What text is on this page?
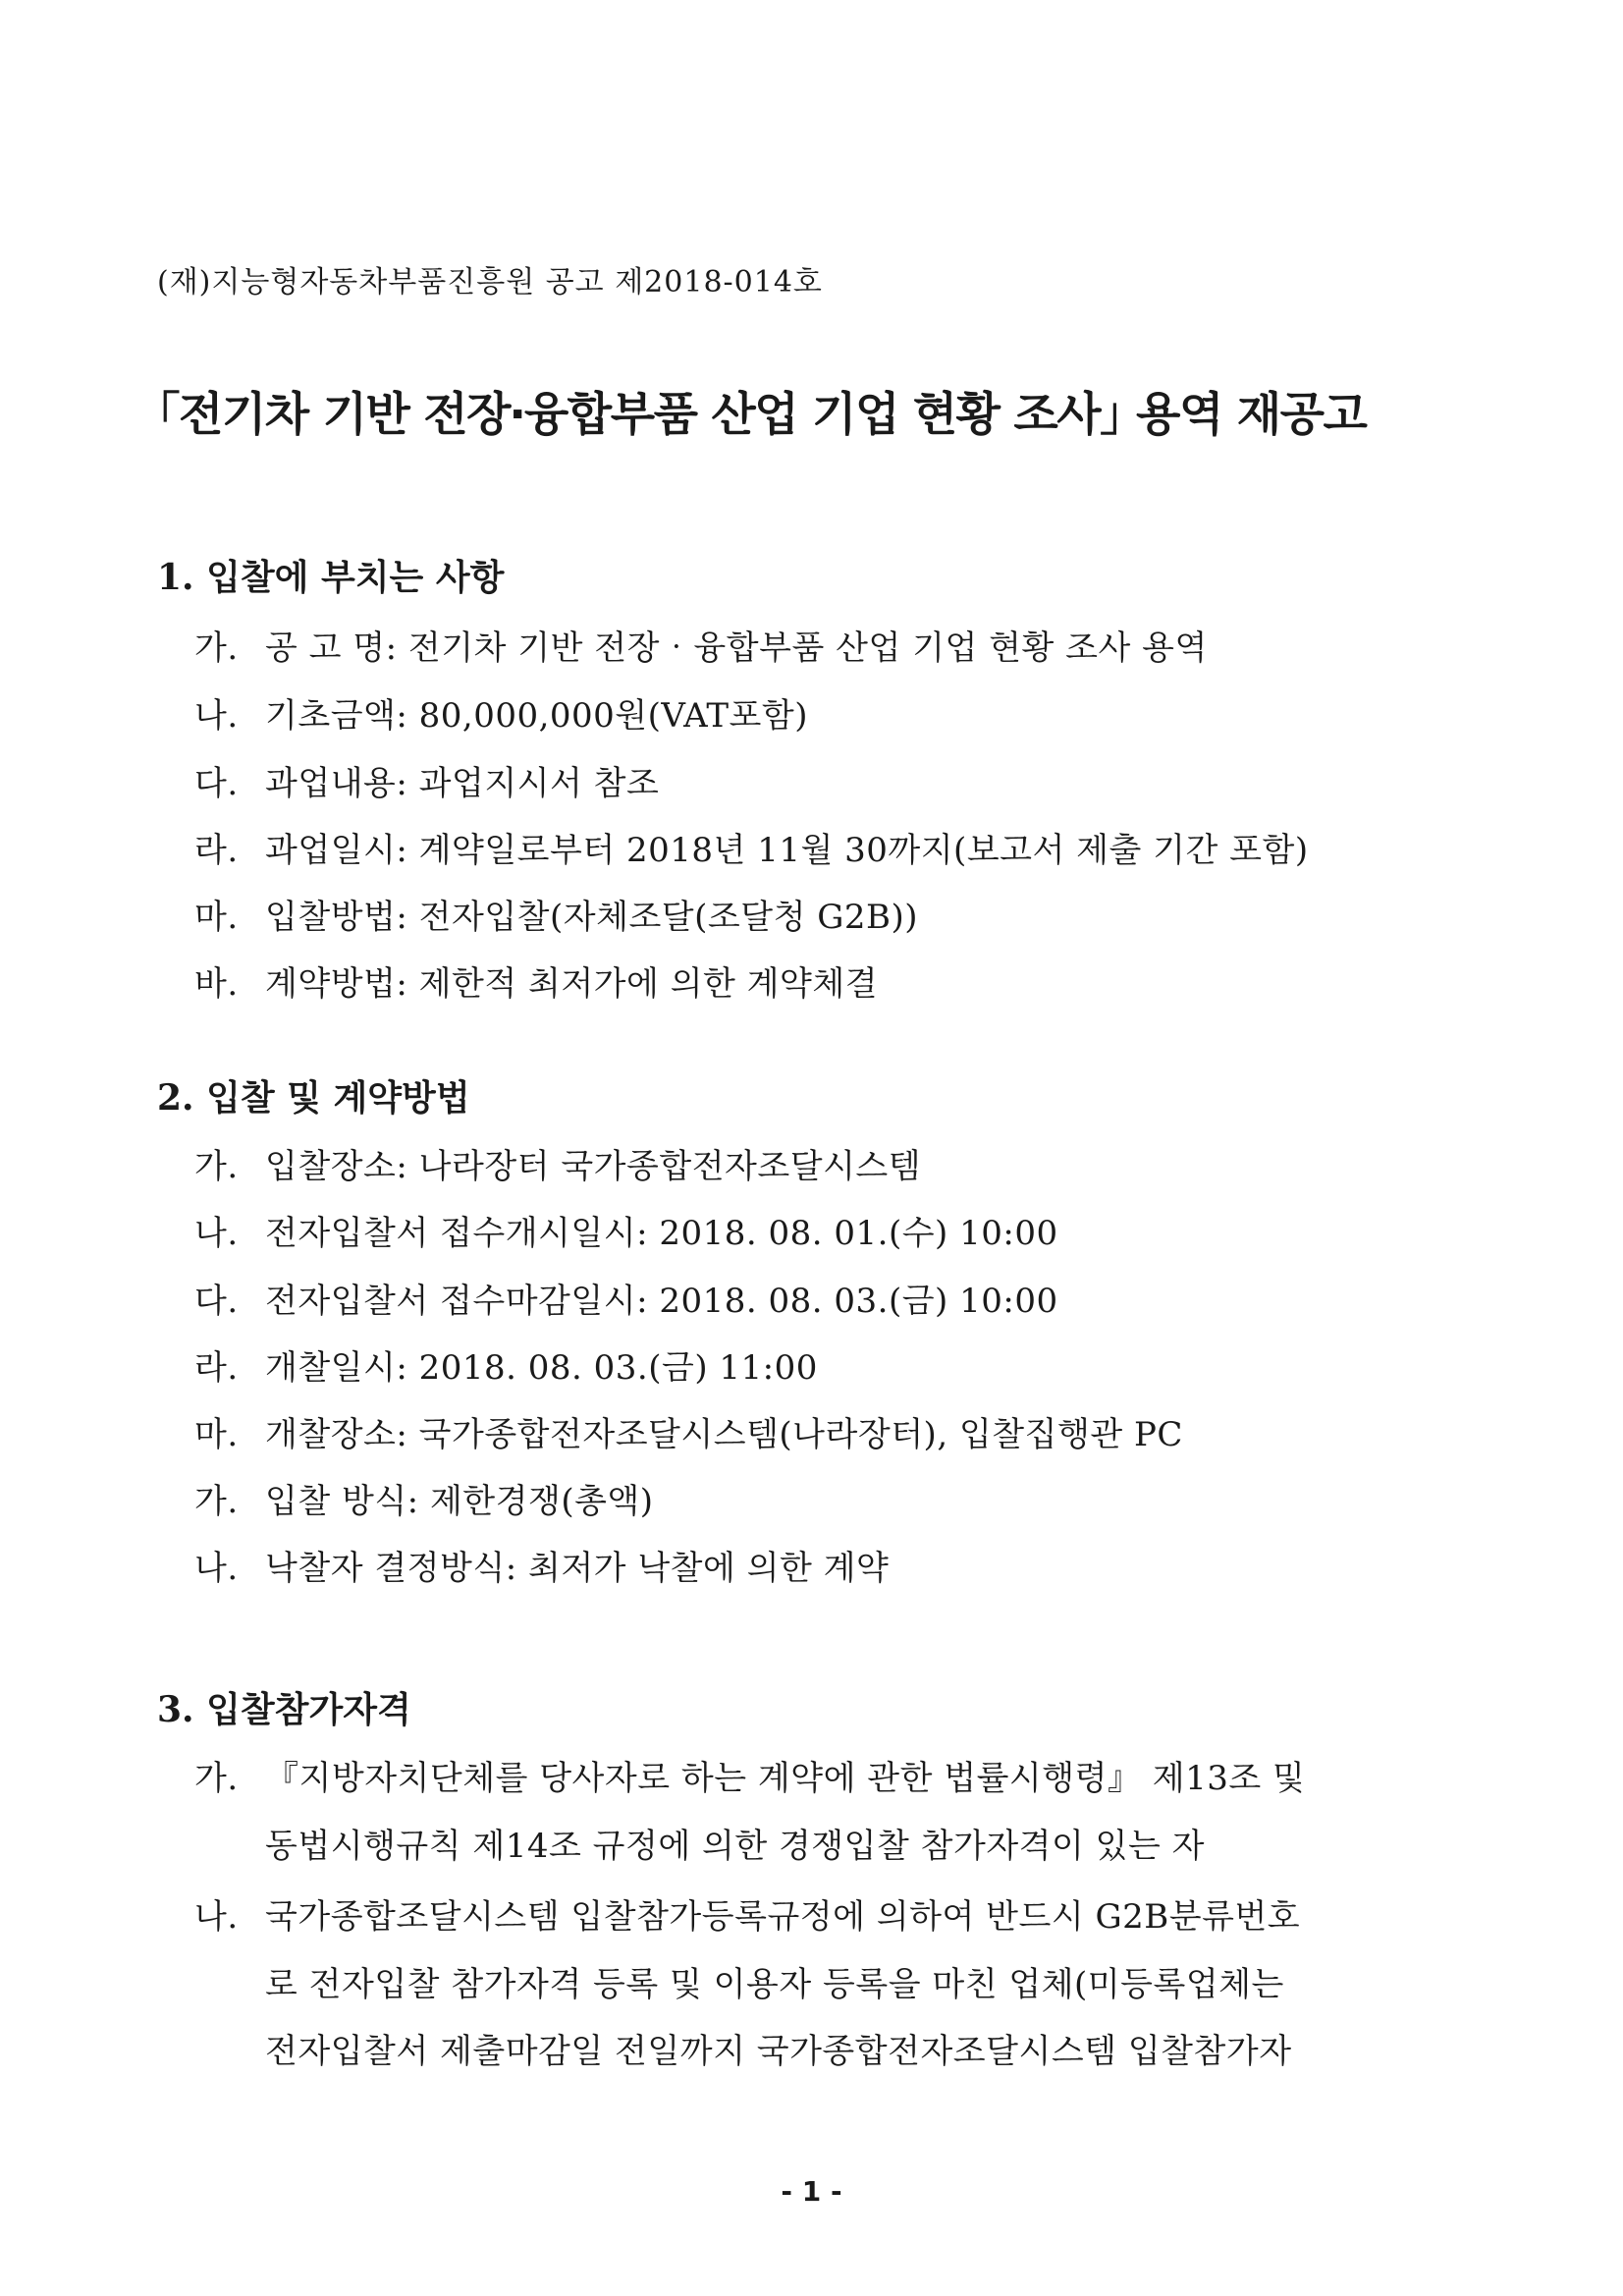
(재)지능형자동차부품진흥원 공고 제2018-014호
｢전기차 기반 전장‧융합부품 산업 기업 현황 조사｣ 용역 재공고
1. 입찰에 부치는 사항
가. 공 고 명: 전기차 기반 전장‧융합부품 산업 기업 현황 조사 용역
나. 기초금액: 80,000,000원(VAT포함)
다. 과업내용: 과업지시서 참조
라. 과업일시: 계약일로부터 2018년 11월 30까지(보고서 제출 기간 포함)
마. 입찰방법: 전자입찰(자체조달(조달청 G2B))
바. 계약방법: 제한적 최저가에 의한 계약체결
2. 입찰 및 계약방법
가. 입찰장소: 나라장터 국가종합전자조달시스템
나. 전자입찰서 접수개시일시: 2018. 08. 01.(수) 10:00
다. 전자입찰서 접수마감일시: 2018. 08. 03.(금) 10:00
라. 개찰일시: 2018. 08. 03.(금) 11:00
마. 개찰장소: 국가종합전자조달시스템(나라장터), 입찰집행관 PC
가. 입찰 방식: 제한경쟁(총액)
나. 낙찰자 결정방식: 최저가 낙찰에 의한 계약
3. 입찰참가자격
가. 『지방자치단체를 당사자로 하는 계약에 관한 법률시행령』 제13조 및
동법시행규칙 제14조 규정에 의한 경쟁입찰 참가자격이 있는 자
나. 국가종합조달시스템 입찰참가등록규정에 의하여 반드시 G2B분류번호
로 전자입찰 참가자격 등록 및 이용자 등록을 마친 업체(미등록업체는
전자입찰서 제출마감일 전일까지 국가종합전자조달시스템 입찰참가자
- 1 -
